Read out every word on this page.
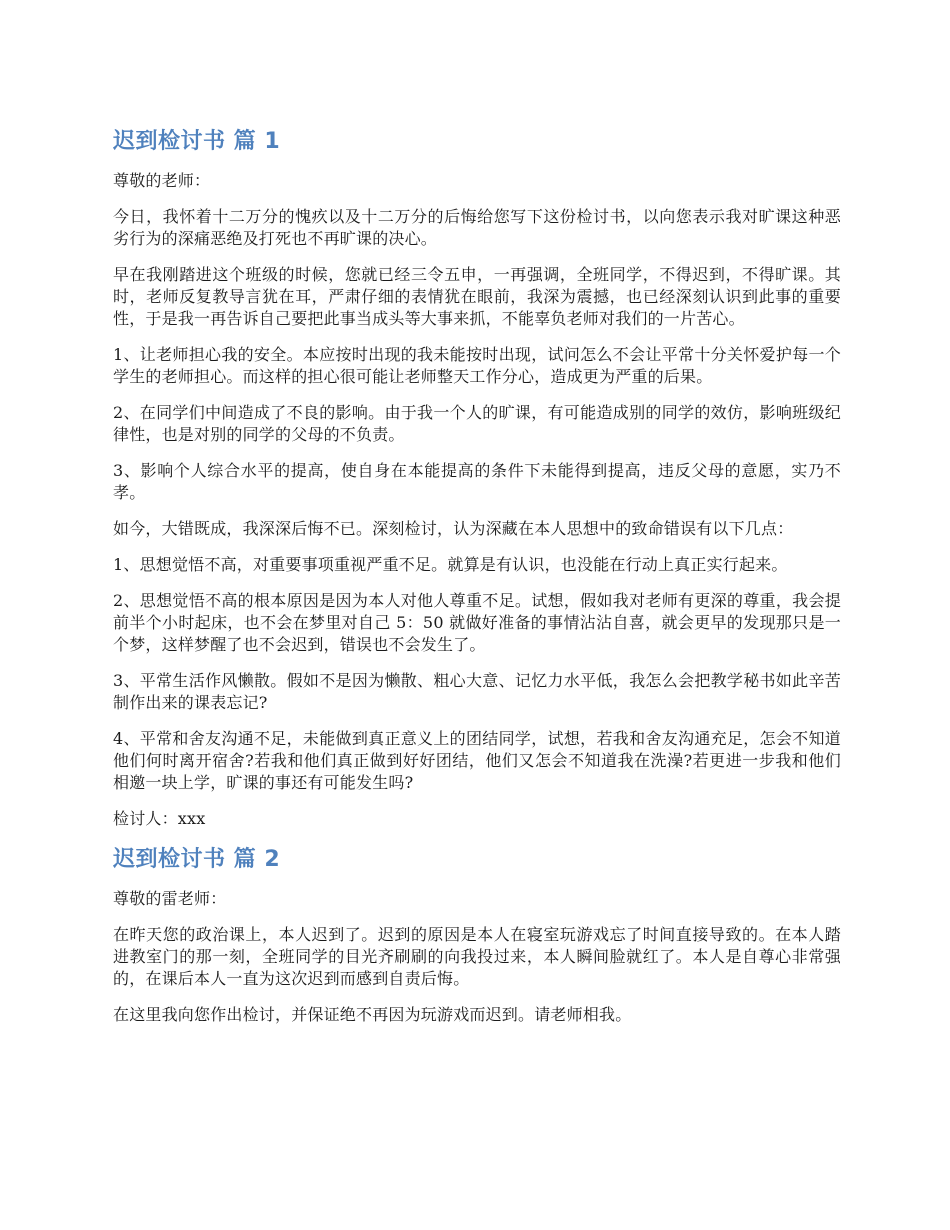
迟到检讨书 篇 1

尊敬的老师：

今日，我怀着十二万分的愧疚以及十二万分的后悔给您写下这份检讨书，以向您表示我对旷课这种恶劣行为的深痛恶绝及打死也不再旷课的决心。

早在我刚踏进这个班级的时候，您就已经三令五申，一再强调，全班同学，不得迟到，不得旷课。其时，老师反复教导言犹在耳，严肃仔细的表情犹在眼前，我深为震撼，也已经深刻认识到此事的重要性，于是我一再告诉自己要把此事当成头等大事来抓，不能辜负老师对我们的一片苦心。

1、让老师担心我的安全。本应按时出现的我未能按时出现，试问怎么不会让平常十分关怀爱护每一个学生的老师担心。而这样的担心很可能让老师整天工作分心，造成更为严重的后果。

2、在同学们中间造成了不良的影响。由于我一个人的旷课，有可能造成别的同学的效仿，影响班级纪律性，也是对别的同学的父母的不负责。

3、影响个人综合水平的提高，使自身在本能提高的条件下未能得到提高，违反父母的意愿，实乃不孝。

如今，大错既成，我深深后悔不已。深刻检讨，认为深藏在本人思想中的致命错误有以下几点：

1、思想觉悟不高，对重要事项重视严重不足。就算是有认识，也没能在行动上真正实行起来。

2、思想觉悟不高的根本原因是因为本人对他人尊重不足。试想，假如我对老师有更深的尊重，我会提前半个小时起床，也不会在梦里对自己 5：50 就做好准备的事情沾沾自喜，就会更早的发现那只是一个梦，这样梦醒了也不会迟到，错误也不会发生了。

3、平常生活作风懒散。假如不是因为懒散、粗心大意、记忆力水平低，我怎么会把教学秘书如此辛苦制作出来的课表忘记?

4、平常和舍友沟通不足，未能做到真正意义上的团结同学，试想，若我和舍友沟通充足，怎会不知道他们何时离开宿舍?若我和他们真正做到好好团结，他们又怎会不知道我在洗澡?若更进一步我和他们相邀一块上学，旷课的事还有可能发生吗?

检讨人：xxx

迟到检讨书 篇 2

尊敬的雷老师：

在昨天您的政治课上，本人迟到了。迟到的原因是本人在寝室玩游戏忘了时间直接导致的。在本人踏进教室门的那一刻，全班同学的目光齐刷刷的向我投过来，本人瞬间脸就红了。本人是自尊心非常强的，在课后本人一直为这次迟到而感到自责后悔。

在这里我向您作出检讨，并保证绝不再因为玩游戏而迟到。请老师相我。
